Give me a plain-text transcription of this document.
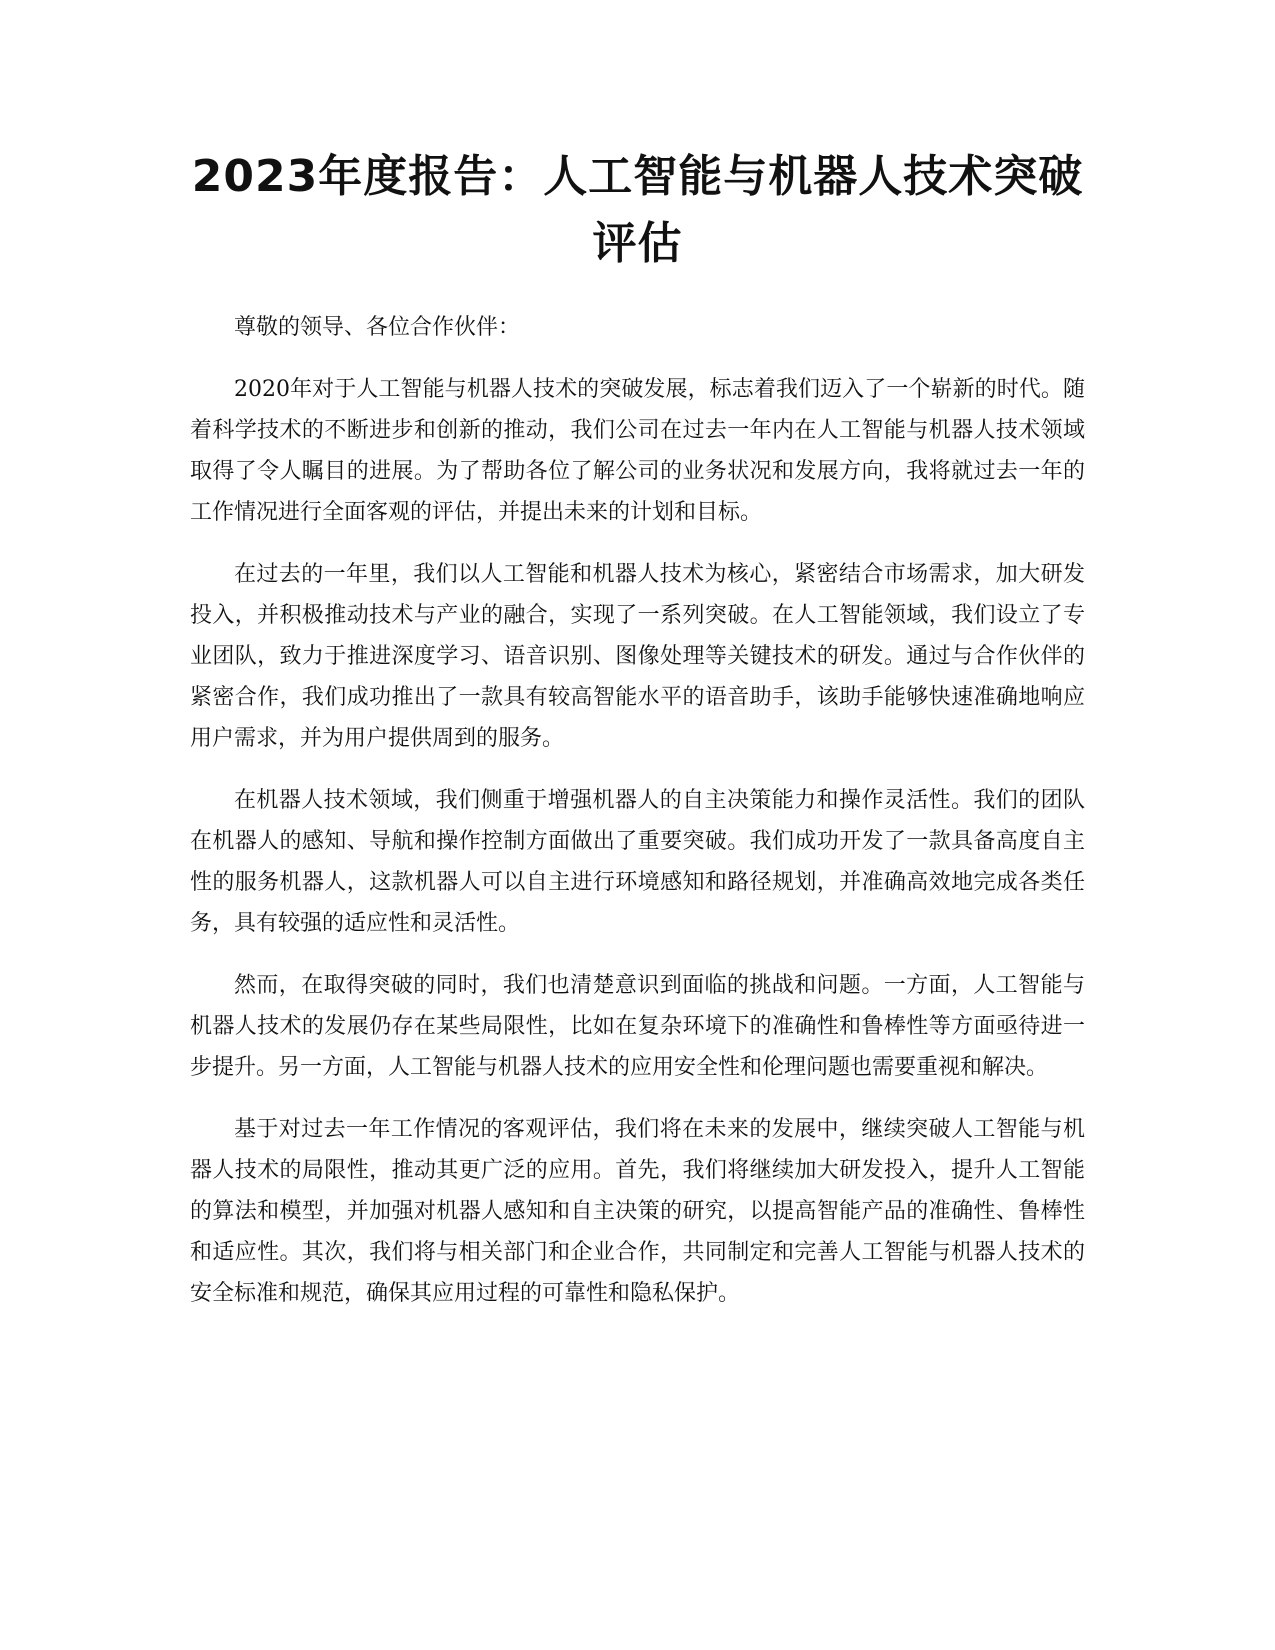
2023年度报告：人工智能与机器人技术突破
评估

尊敬的领导、各位合作伙伴：

2020年对于人工智能与机器人技术的突破发展，标志着我们迈入了一个崭新的时代。随着科学技术的不断进步和创新的推动，我们公司在过去一年内在人工智能与机器人技术领域取得了令人瞩目的进展。为了帮助各位了解公司的业务状况和发展方向，我将就过去一年的工作情况进行全面客观的评估，并提出未来的计划和目标。

在过去的一年里，我们以人工智能和机器人技术为核心，紧密结合市场需求，加大研发投入，并积极推动技术与产业的融合，实现了一系列突破。在人工智能领域，我们设立了专业团队，致力于推进深度学习、语音识别、图像处理等关键技术的研发。通过与合作伙伴的紧密合作，我们成功推出了一款具有较高智能水平的语音助手，该助手能够快速准确地响应用户需求，并为用户提供周到的服务。

在机器人技术领域，我们侧重于增强机器人的自主决策能力和操作灵活性。我们的团队在机器人的感知、导航和操作控制方面做出了重要突破。我们成功开发了一款具备高度自主性的服务机器人，这款机器人可以自主进行环境感知和路径规划，并准确高效地完成各类任务，具有较强的适应性和灵活性。

然而，在取得突破的同时，我们也清楚意识到面临的挑战和问题。一方面，人工智能与机器人技术的发展仍存在某些局限性，比如在复杂环境下的准确性和鲁棒性等方面亟待进一步提升。另一方面，人工智能与机器人技术的应用安全性和伦理问题也需要重视和解决。

基于对过去一年工作情况的客观评估，我们将在未来的发展中，继续突破人工智能与机器人技术的局限性，推动其更广泛的应用。首先，我们将继续加大研发投入，提升人工智能的算法和模型，并加强对机器人感知和自主决策的研究，以提高智能产品的准确性、鲁棒性和适应性。其次，我们将与相关部门和企业合作，共同制定和完善人工智能与机器人技术的安全标准和规范，确保其应用过程的可靠性和隐私保护。
